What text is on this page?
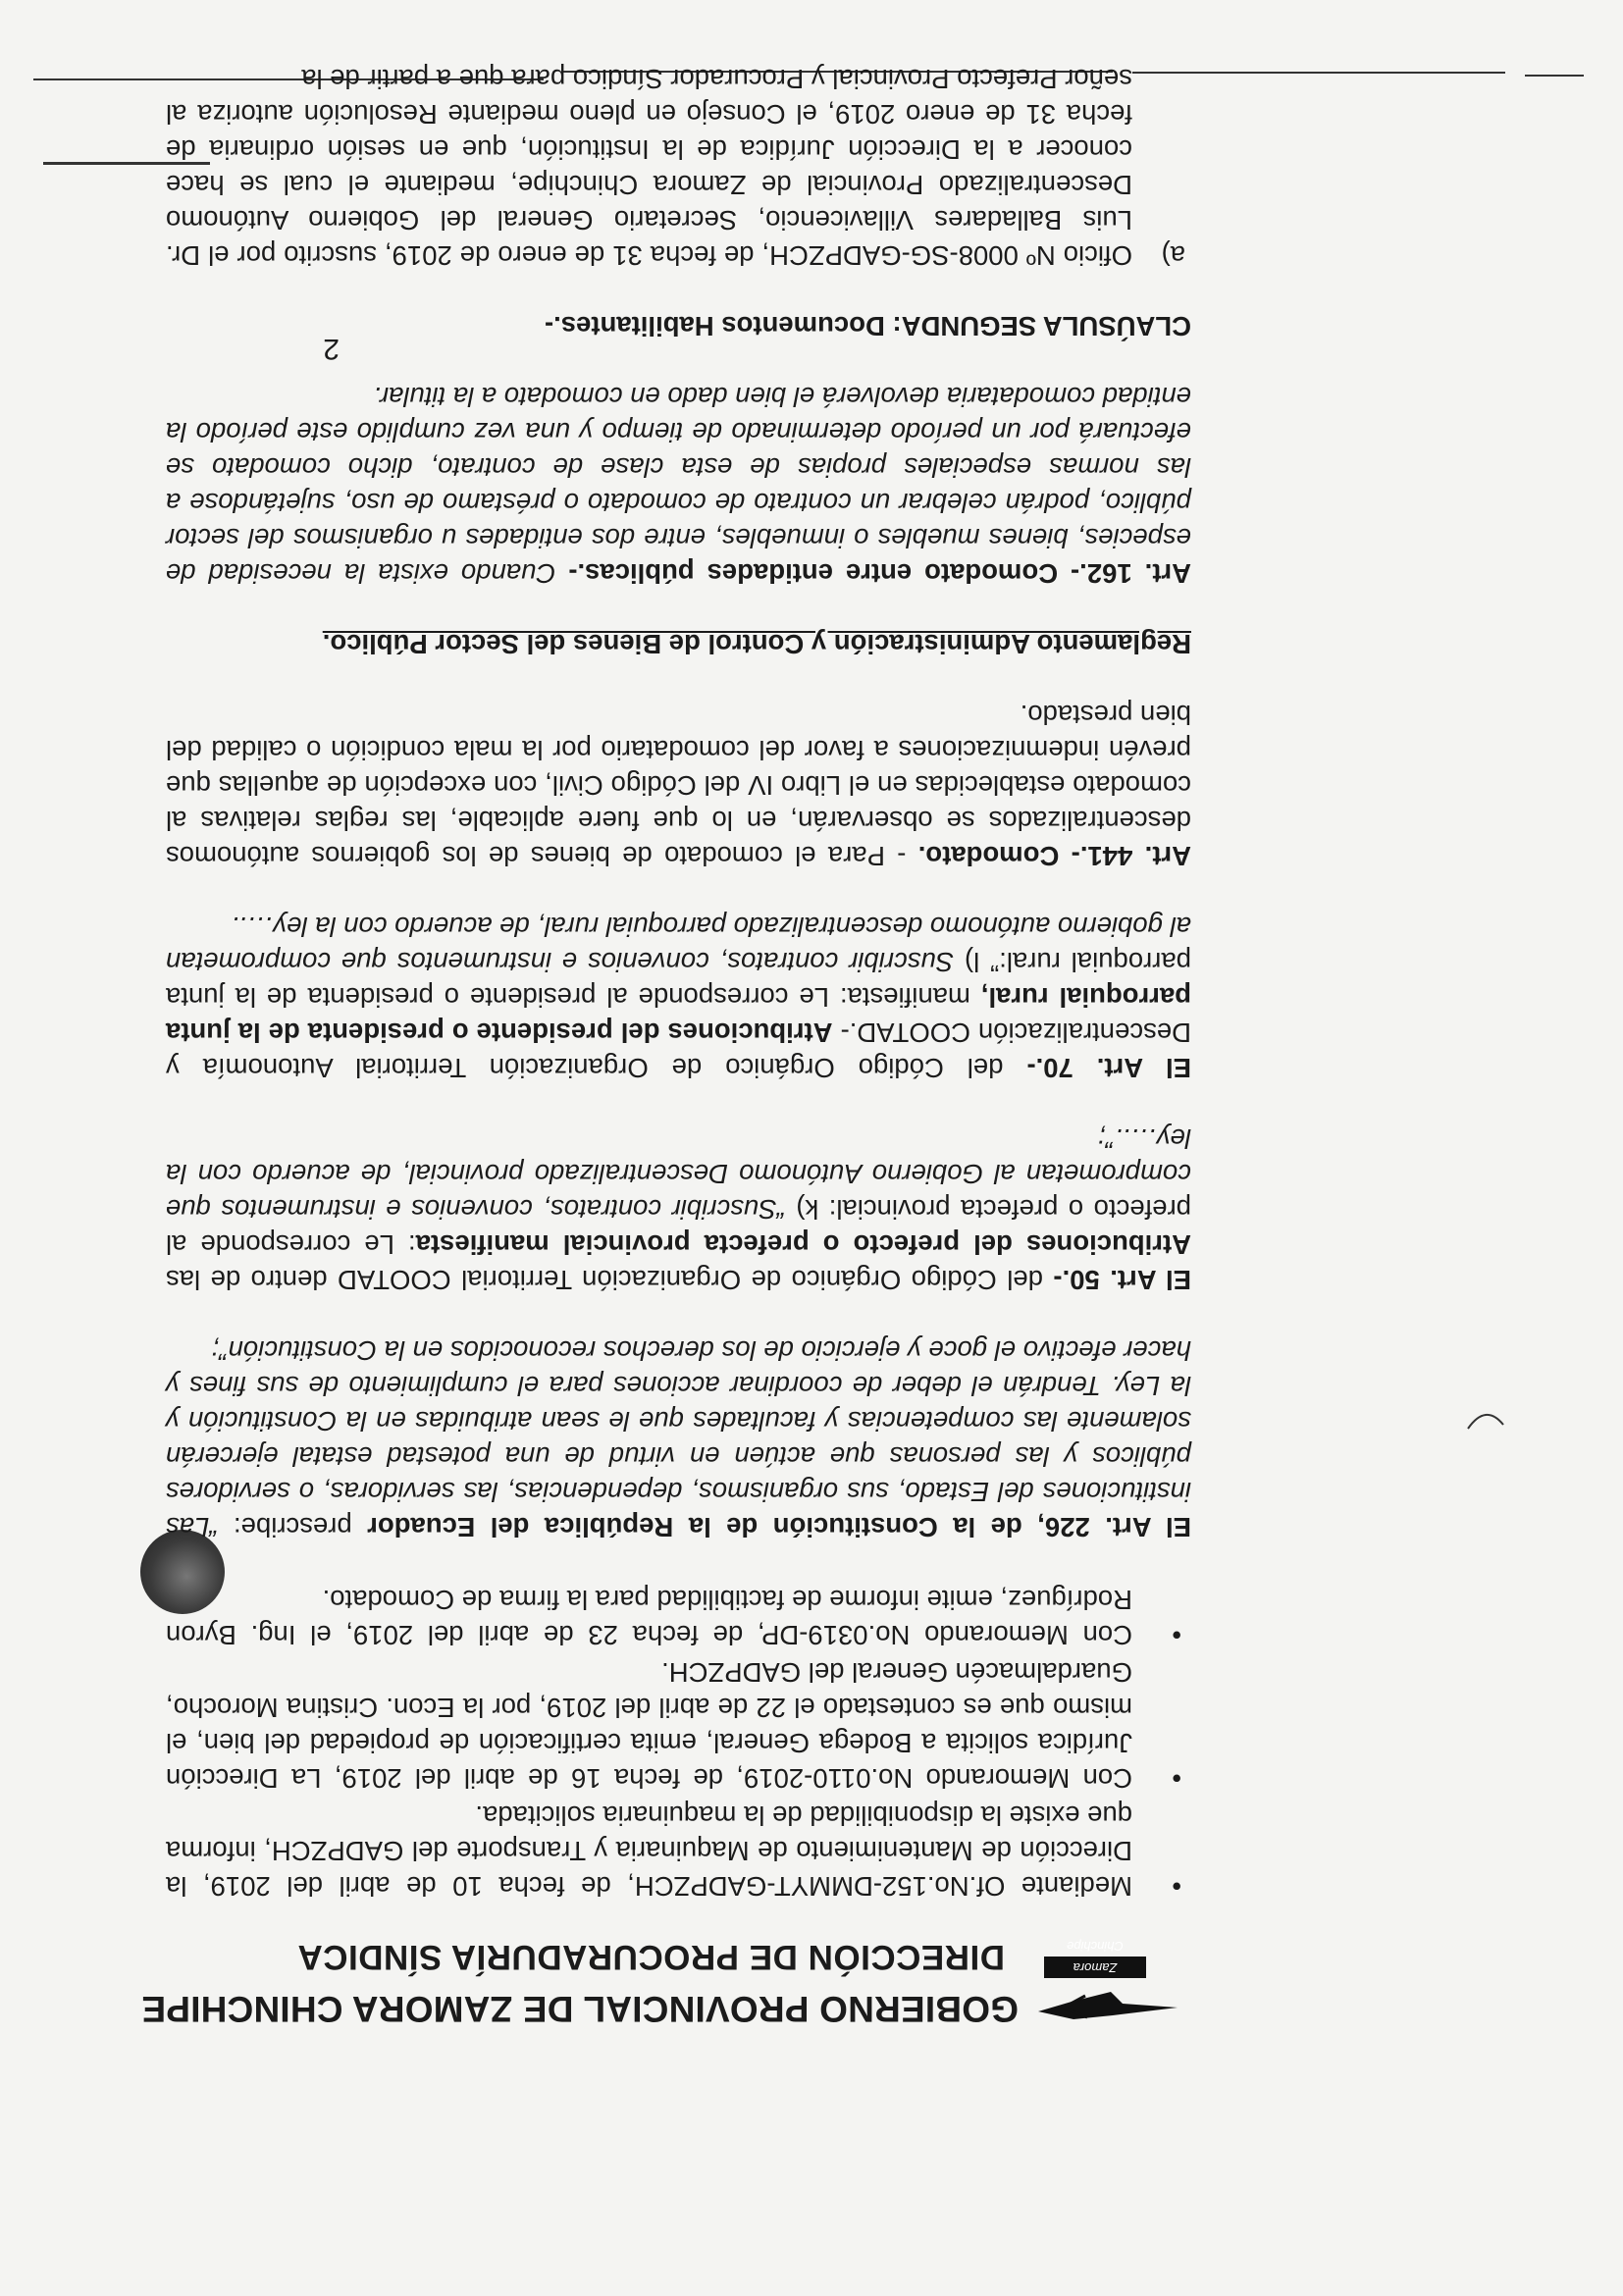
Zamora Chinchipe
GOBIERNO PROVINCIAL DE ZAMORA CHINCHIPE
DIRECCIÓN DE PROCURADURÍA SÍNDICA

•
Mediante Of.No.152-DMMYT-GADPZCH, de fecha 10 de abril del 2019, la Dirección de Mantenimiento de Maquinaria y Transporte del GADPZCH, informa que existe la disponibilidad de la maquinaria solicitada.

•
Con Memorando No.0110-2019, de fecha 16 de abril del 2019, La Dirección Jurídica solicita a Bodega General, emita certificación de propiedad del bien, el mismo que es contestado el 22 de abril del 2019, por la Econ. Cristina Morocho, Guardalmacén General del GADPZCH.

•
Con Memorando No.0319-DP, de fecha 23 de abril del 2019, el Ing. Byron Rodríguez, emite informe de factibilidad para la firma de Comodato.

El Art. 226, de la Constitución de la República del Ecuador prescribe: “Las instituciones del Estado, sus organismos, dependencias, las servidoras, o servidores públicos y las personas que actúen en virtud de una potestad estatal ejercerán solamente las competencias y facultades que le sean atribuidas en la Constitución y la Ley. Tendrán el deber de coordinar acciones para el cumplimiento de sus fines y hacer efectivo el goce y ejercicio de los derechos reconocidos en la Constitución”;

El Art. 50.- del Código Orgánico de Organización Territorial COOTAD dentro de las Atribuciones del prefecto o prefecta provincial manifiesta: Le corresponde al prefecto o prefecta provincial: k) “Suscribir contratos, convenios e instrumentos que comprometan al Gobierno Autónomo Descentralizado provincial, de acuerdo con la ley…..”;

El Art. 70.- del Código Orgánico de Organización Territorial Autonomía y Descentralización COOTAD.- Atribuciones del presidente o presidenta de la junta parroquial rural, manifiesta: Le corresponde al presidente o presidenta de la junta parroquial rural:” l) Suscribir contratos, convenios e instrumentos que comprometan al gobierno autónomo descentralizado parroquial rural, de acuerdo con la ley…..

Art. 441.- Comodato. - Para el comodato de bienes de los gobiernos autónomos descentralizados se observarán, en lo que fuere aplicable, las reglas relativas al comodato establecidas en el Libro IV del Código Civil, con excepción de aquellas que prevén indemnizaciones a favor del comodatario por la mala condición o calidad del bien prestado.

Reglamento Administración y Control de Bienes del Sector Público.

Art. 162.- Comodato entre entidades públicas.- Cuando exista la necesidad de especies, bienes muebles o inmuebles, entre dos entidades u organismos del sector público, podrán celebrar un contrato de comodato o préstamo de uso, sujetándose a las normas especiales propias de esta clase de contrato, dicho comodato se efectuará por un período determinado de tiempo y una vez cumplido este período la entidad comodataria devolverá el bien dado en comodato a la titular.

CLAÚSULA SEGUNDA: Documentos Habilitantes.-

a)
Oficio Nº 0008-SG-GADPZCH, de fecha 31 de enero de 2019, suscrito por el Dr. Luis Balladares Villavicencio, Secretario General del Gobierno Autónomo Descentralizado Provincial de Zamora Chinchipe, mediante el cual se hace conocer a la Dirección Jurídica de la Institución, que en sesión ordinaria de fecha 31 de enero 2019, el Consejo en pleno mediante Resolución autoriza al señor Prefecto Provincial y Procurador Síndico para que a partir de la

2
